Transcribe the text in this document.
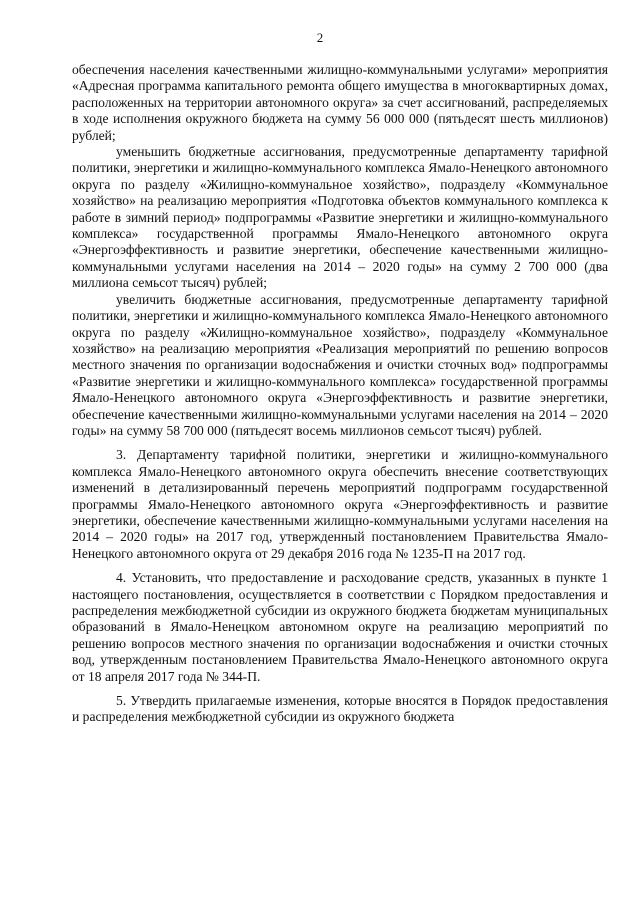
2

обеспечения населения качественными жилищно-коммунальными услугами» мероприятия «Адресная программа капитального ремонта общего имущества в многоквартирных домах, расположенных на территории автономного округа» за счет ассигнований, распределяемых в ходе исполнения окружного бюджета на сумму 56 000 000 (пятьдесят шесть миллионов) рублей;

уменьшить бюджетные ассигнования, предусмотренные департаменту тарифной политики, энергетики и жилищно-коммунального комплекса Ямало-Ненецкого автономного округа по разделу «Жилищно-коммунальное хозяйство», подразделу «Коммунальное хозяйство» на реализацию мероприятия «Подготовка объектов коммунального комплекса к работе в зимний период» подпрограммы «Развитие энергетики и жилищно-коммунального комплекса» государственной программы Ямало-Ненецкого автономного округа «Энергоэффективность и развитие энергетики, обеспечение качественными жилищно-коммунальными услугами населения на 2014 – 2020 годы» на сумму 2 700 000 (два миллиона семьсот тысяч) рублей;

увеличить бюджетные ассигнования, предусмотренные департаменту тарифной политики, энергетики и жилищно-коммунального комплекса Ямало-Ненецкого автономного округа по разделу «Жилищно-коммунальное хозяйство», подразделу «Коммунальное хозяйство» на реализацию мероприятия «Реализация мероприятий по решению вопросов местного значения по организации водоснабжения и очистки сточных вод» подпрограммы «Развитие энергетики и жилищно-коммунального комплекса» государственной программы Ямало-Ненецкого автономного округа «Энергоэффективность и развитие энергетики, обеспечение качественными жилищно-коммунальными услугами населения на 2014 – 2020 годы» на сумму 58 700 000 (пятьдесят восемь миллионов семьсот тысяч) рублей.

3. Департаменту тарифной политики, энергетики и жилищно-коммунального комплекса Ямало-Ненецкого автономного округа обеспечить внесение соответствующих изменений в детализированный перечень мероприятий подпрограмм государственной программы Ямало-Ненецкого автономного округа «Энергоэффективность и развитие энергетики, обеспечение качественными жилищно-коммунальными услугами населения на 2014 – 2020 годы» на 2017 год, утвержденный постановлением Правительства Ямало-Ненецкого автономного округа от 29 декабря 2016 года № 1235-П на 2017 год.

4. Установить, что предоставление и расходование средств, указанных в пункте 1 настоящего постановления, осуществляется в соответствии с Порядком предоставления и распределения межбюджетной субсидии из окружного бюджета бюджетам муниципальных образований в Ямало-Ненецком автономном округе на реализацию мероприятий по решению вопросов местного значения по организации водоснабжения и очистки сточных вод, утвержденным постановлением Правительства Ямало-Ненецкого автономного округа от 18 апреля 2017 года № 344-П.

5. Утвердить прилагаемые изменения, которые вносятся в Порядок предоставления и распределения межбюджетной субсидии из окружного бюджета
